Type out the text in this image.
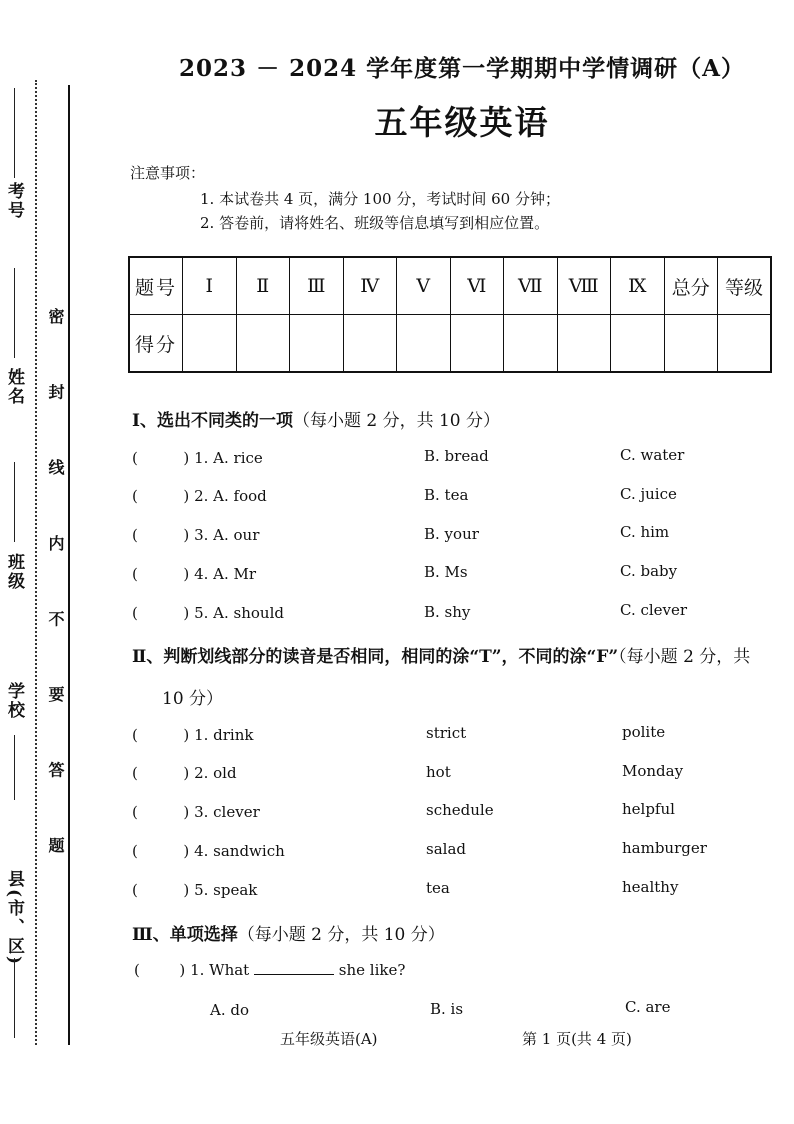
考号
姓名
班级
学校
县(市、区)
密 封 线 内 不 要 答 题
2023 － 2024 学年度第一学期期中学情调研（A）
五年级英语
注意事项：
1. 本试卷共 4 页，满分 100 分，考试时间 60 分钟；
2. 答卷前，请将姓名、班级等信息填写到相应位置。
题号	Ⅰ	Ⅱ	Ⅲ	Ⅳ	Ⅴ	Ⅵ	Ⅶ	Ⅷ	Ⅸ	总分	等级
得分											
Ⅰ、选出不同类的一项（每小题 2 分，共 10 分）
(	) 1. A. rice	B. bread	C. water
(	) 2. A. food	B. tea	C. juice
(	) 3. A. our	B. your	C. him
(	) 4. A. Mr	B. Ms	C. baby
(	) 5. A. should	B. shy	C. clever
Ⅱ、判断划线部分的读音是否相同，相同的涂“T”，不同的涂“F”（每小题 2 分，共
10 分）
(	) 1. drink	strict	polite
(	) 2. old	hot	Monday
(	) 3. clever	schedule	helpful
(	) 4. sandwich	salad	hamburger
(	) 5. speak	tea	healthy
Ⅲ、单项选择（每小题 2 分，共 10 分）
(	) 1. What	she like?
A. do	B. is	C. are
五年级英语(A)	第 1 页(共 4 页)
